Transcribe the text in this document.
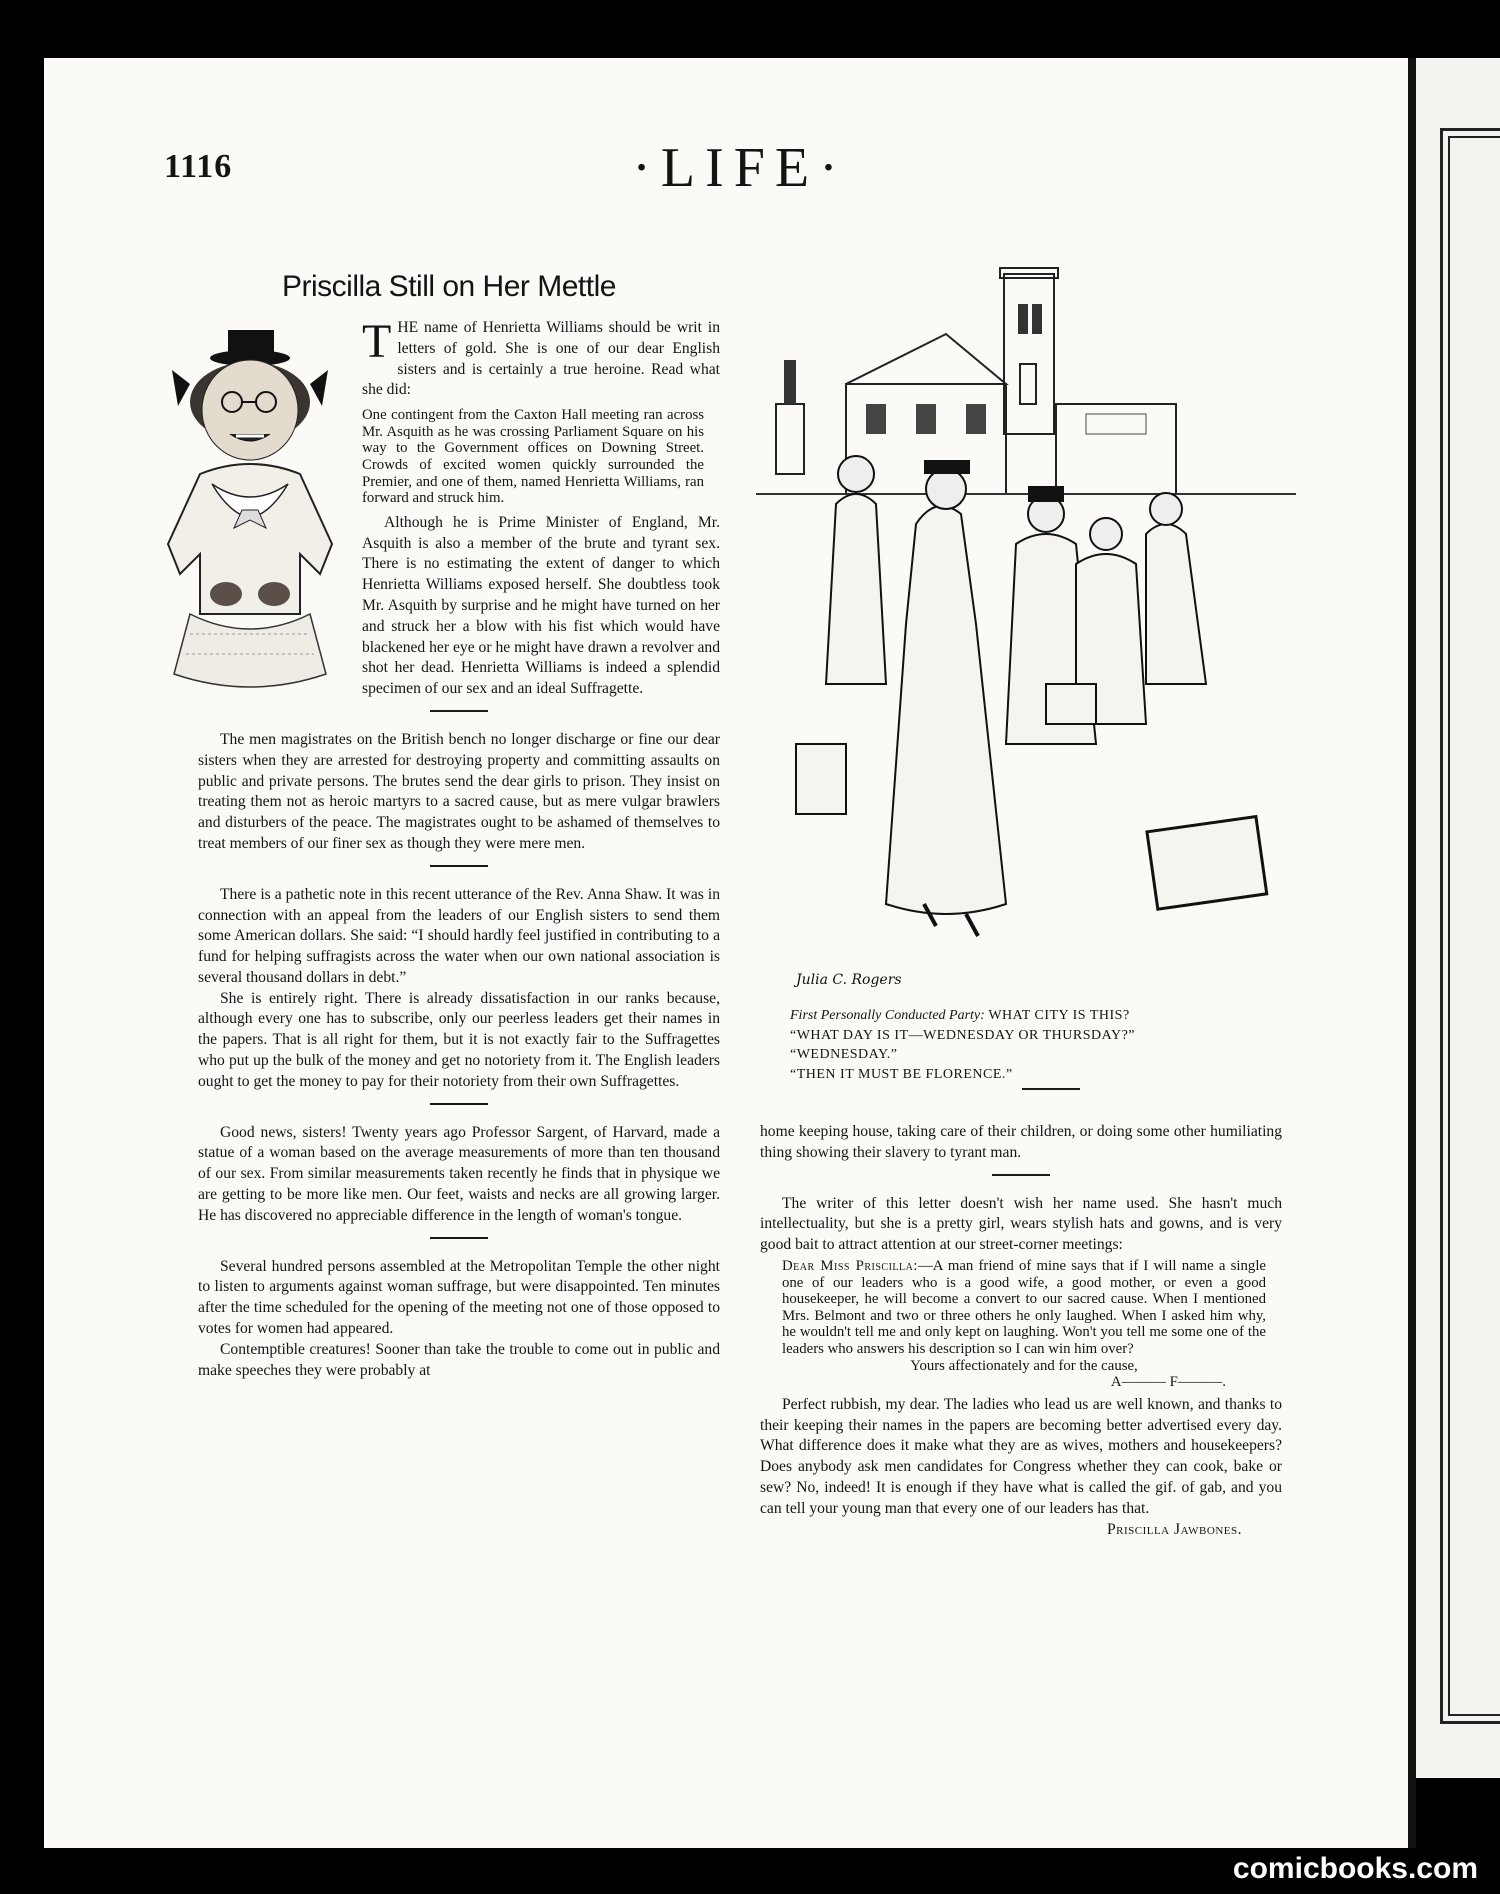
1116	·LIFE·
Priscilla Still on Her Mettle

THE name of Henrietta Williams should be writ in letters of gold. She is one of our dear English sisters and is certainly a true heroine. Read what she did:

One contingent from the Caxton Hall meeting ran across Mr. Asquith as he was crossing Parliament Square on his way to the Government offices on Downing Street. Crowds of excited women quickly surrounded the Premier, and one of them, named Henrietta Williams, ran forward and struck him.

Although he is Prime Minister of England, Mr. Asquith is also a member of the brute and tyrant sex. There is no estimating the extent of danger to which Henrietta Williams exposed herself. She doubtless took Mr. Asquith by surprise and he might have turned on her and struck her a blow with his fist which would have blackened her eye or he might have drawn a revolver and shot her dead. Henrietta Williams is indeed a splendid specimen of our sex and an ideal Suffragette.

The men magistrates on the British bench no longer discharge or fine our dear sisters when they are arrested for destroying property and committing assaults on public and private persons. The brutes send the dear girls to prison. They insist on treating them not as heroic martyrs to a sacred cause, but as mere vulgar brawlers and disturbers of the peace. The magistrates ought to be ashamed of themselves to treat members of our finer sex as though they were mere men.

There is a pathetic note in this recent utterance of the Rev. Anna Shaw. It was in connection with an appeal from the leaders of our English sisters to send them some American dollars. She said: “I should hardly feel justified in contributing to a fund for helping suffragists across the water when our own national association is several thousand dollars in debt.”

She is entirely right. There is already dissatisfaction in our ranks because, although every one has to subscribe, only our peerless leaders get their names in the papers. That is all right for them, but it is not exactly fair to the Suffragettes who put up the bulk of the money and get no notoriety from it. The English leaders ought to get the money to pay for their notoriety from their own Suffragettes.

Good news, sisters! Twenty years ago Professor Sargent, of Harvard, made a statue of a woman based on the average measurements of more than ten thousand of our sex. From similar measurements taken recently he finds that in physique we are getting to be more like men. Our feet, waists and necks are all growing larger. He has discovered no appreciable difference in the length of woman's tongue.

Several hundred persons assembled at the Metropolitan Temple the other night to listen to arguments against woman suffrage, but were disappointed. Ten minutes after the time scheduled for the opening of the meeting not one of those opposed to votes for women had appeared.

Contemptible creatures! Sooner than take the trouble to come out in public and make speeches they were probably at

Julia C. Rogers
First Personally Conducted Party: WHAT CITY IS THIS?
“WHAT DAY IS IT—WEDNESDAY OR THURSDAY?”
“WEDNESDAY.”
“THEN IT MUST BE FLORENCE.”

home keeping house, taking care of their children, or doing some other humiliating thing showing their slavery to tyrant man.

The writer of this letter doesn't wish her name used. She hasn't much intellectuality, but she is a pretty girl, wears stylish hats and gowns, and is very good bait to attract attention at our street-corner meetings:

Dear Miss Priscilla:—A man friend of mine says that if I will name a single one of our leaders who is a good wife, a good mother, or even a good housekeeper, he will become a convert to our sacred cause. When I mentioned Mrs. Belmont and two or three others he only laughed. When I asked him why, he wouldn't tell me and only kept on laughing. Won't you tell me some one of the leaders who answers his description so I can win him over?
Yours affectionately and for the cause,
A——— F———.

Perfect rubbish, my dear. The ladies who lead us are well known, and thanks to their keeping their names in the papers are becoming better advertised every day. What difference does it make what they are as wives, mothers and housekeepers? Does anybody ask men candidates for Congress whether they can cook, bake or sew? No, indeed! It is enough if they have what is called the gif. of gab, and you can tell your young man that every one of our leaders has that.

Priscilla Jawbones.
comicbooks.com
